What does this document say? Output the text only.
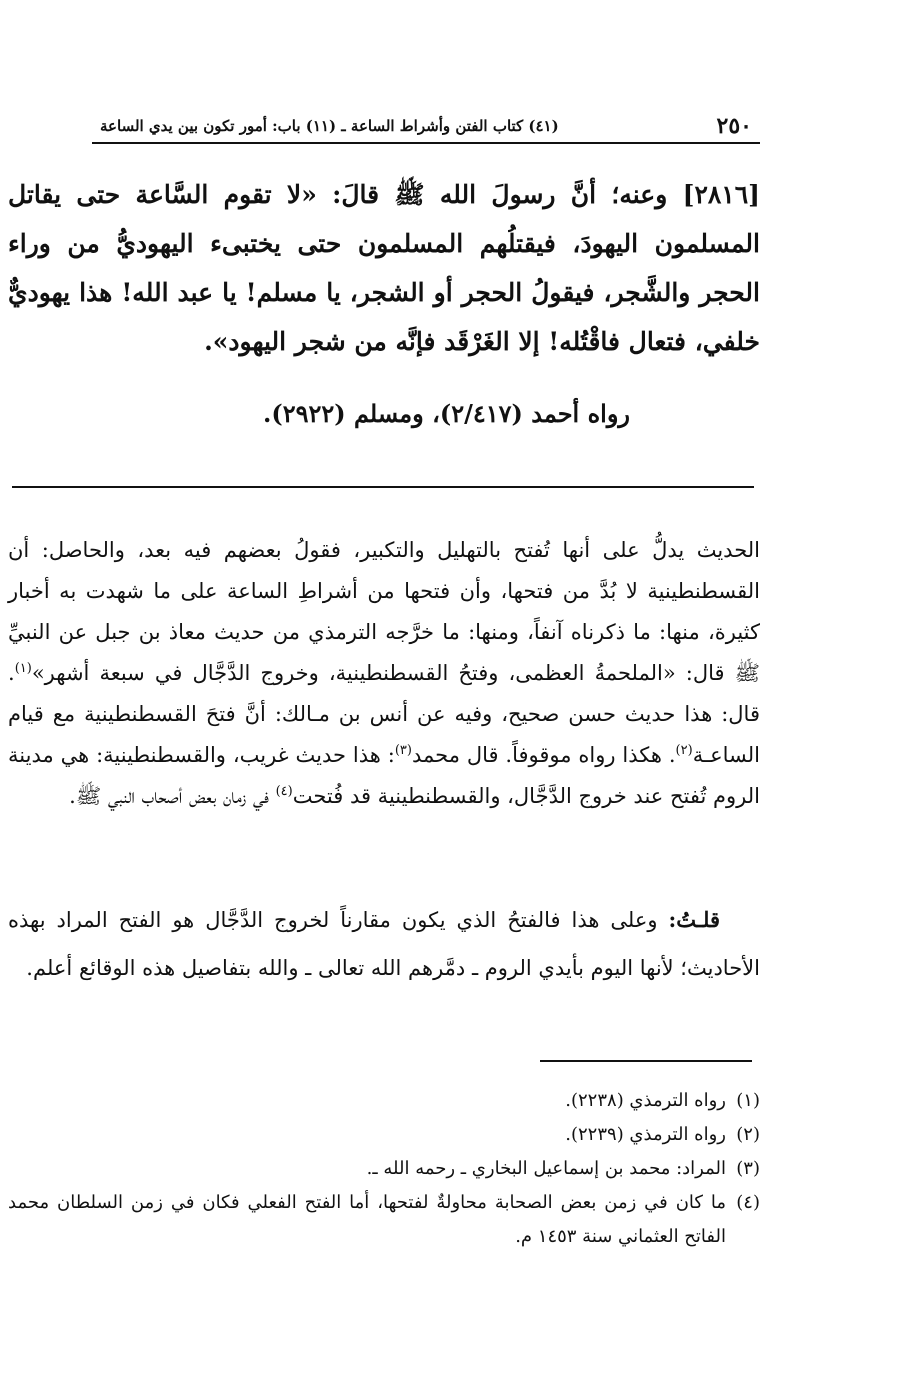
٢٥٠
(٤١) كتاب الفتن وأشراط الساعة ـ (١١) باب: أمور تكون بين يدي الساعة
[٢٨١٦] وعنه؛ أنَّ رسولَ الله ﷺ قالَ: «لا تقوم السَّاعة حتى يقاتل المسلمون اليهودَ، فيقتلُهم المسلمون حتى يختبىء اليهوديُّ من وراء الحجر والشَّجر، فيقولُ الحجر أو الشجر، يا مسلم! يا عبد الله! هذا يهوديٌّ خلفي، فتعال فاقْتُله! إلا الغَرْقَد فإنَّه من شجر اليهود».
رواه أحمد (٢/٤١٧)، ومسلم (٢٩٢٢).

الحديث يدلُّ على أنها تُفتح بالتهليل والتكبير، فقولُ بعضهم فيه بعد، والحاصل: أن القسطنطينية لا بُدَّ من فتحها، وأن فتحها من أشراطِ الساعة على ما شهدت به أخبار كثيرة، منها: ما ذكرناه آنفاً، ومنها: ما خرَّجه الترمذي من حديث معاذ بن جبل عن النبيِّ ﷺ قال: «الملحمةُ العظمى، وفتحُ القسطنطينية، وخروج الدَّجَّال في سبعة أشهر»$^{(١)}$. قال: هذا حديث حسن صحيح، وفيه عن أنس بن مـالك: أنَّ فتحَ القسطنطينية مع قيام الساعـة$^{(٢)}$. هكذا رواه موقوفاً. قال محمد$^{(٣)}$: هذا حديث غريب، والقسطنطينية: هي مدينة الروم تُفتح عند خروج الدَّجَّال، والقسطنطينية قد فُتحت$^{(٤)}$ في زمان بعض أصحاب النبي ﷺ.

قلـتُ: وعلى هذا فالفتحُ الذي يكون مقارناً لخروج الدَّجَّال هو الفتح المراد بهذه الأحاديث؛ لأنها اليوم بأيدي الروم ـ دمَّرهم الله تعالى ـ والله بتفاصيل هذه الوقائع أعلم.
(١)
رواه الترمذي (٢٢٣٨).
(٢)
رواه الترمذي (٢٢٣٩).
(٣)
المراد: محمد بن إسماعيل البخاري ـ رحمه الله ـ.
(٤)
ما كان في زمن بعض الصحابة محاولةٌ لفتحها، أما الفتح الفعلي فكان في زمن السلطان محمد الفاتح العثماني سنة ١٤٥٣ م.
